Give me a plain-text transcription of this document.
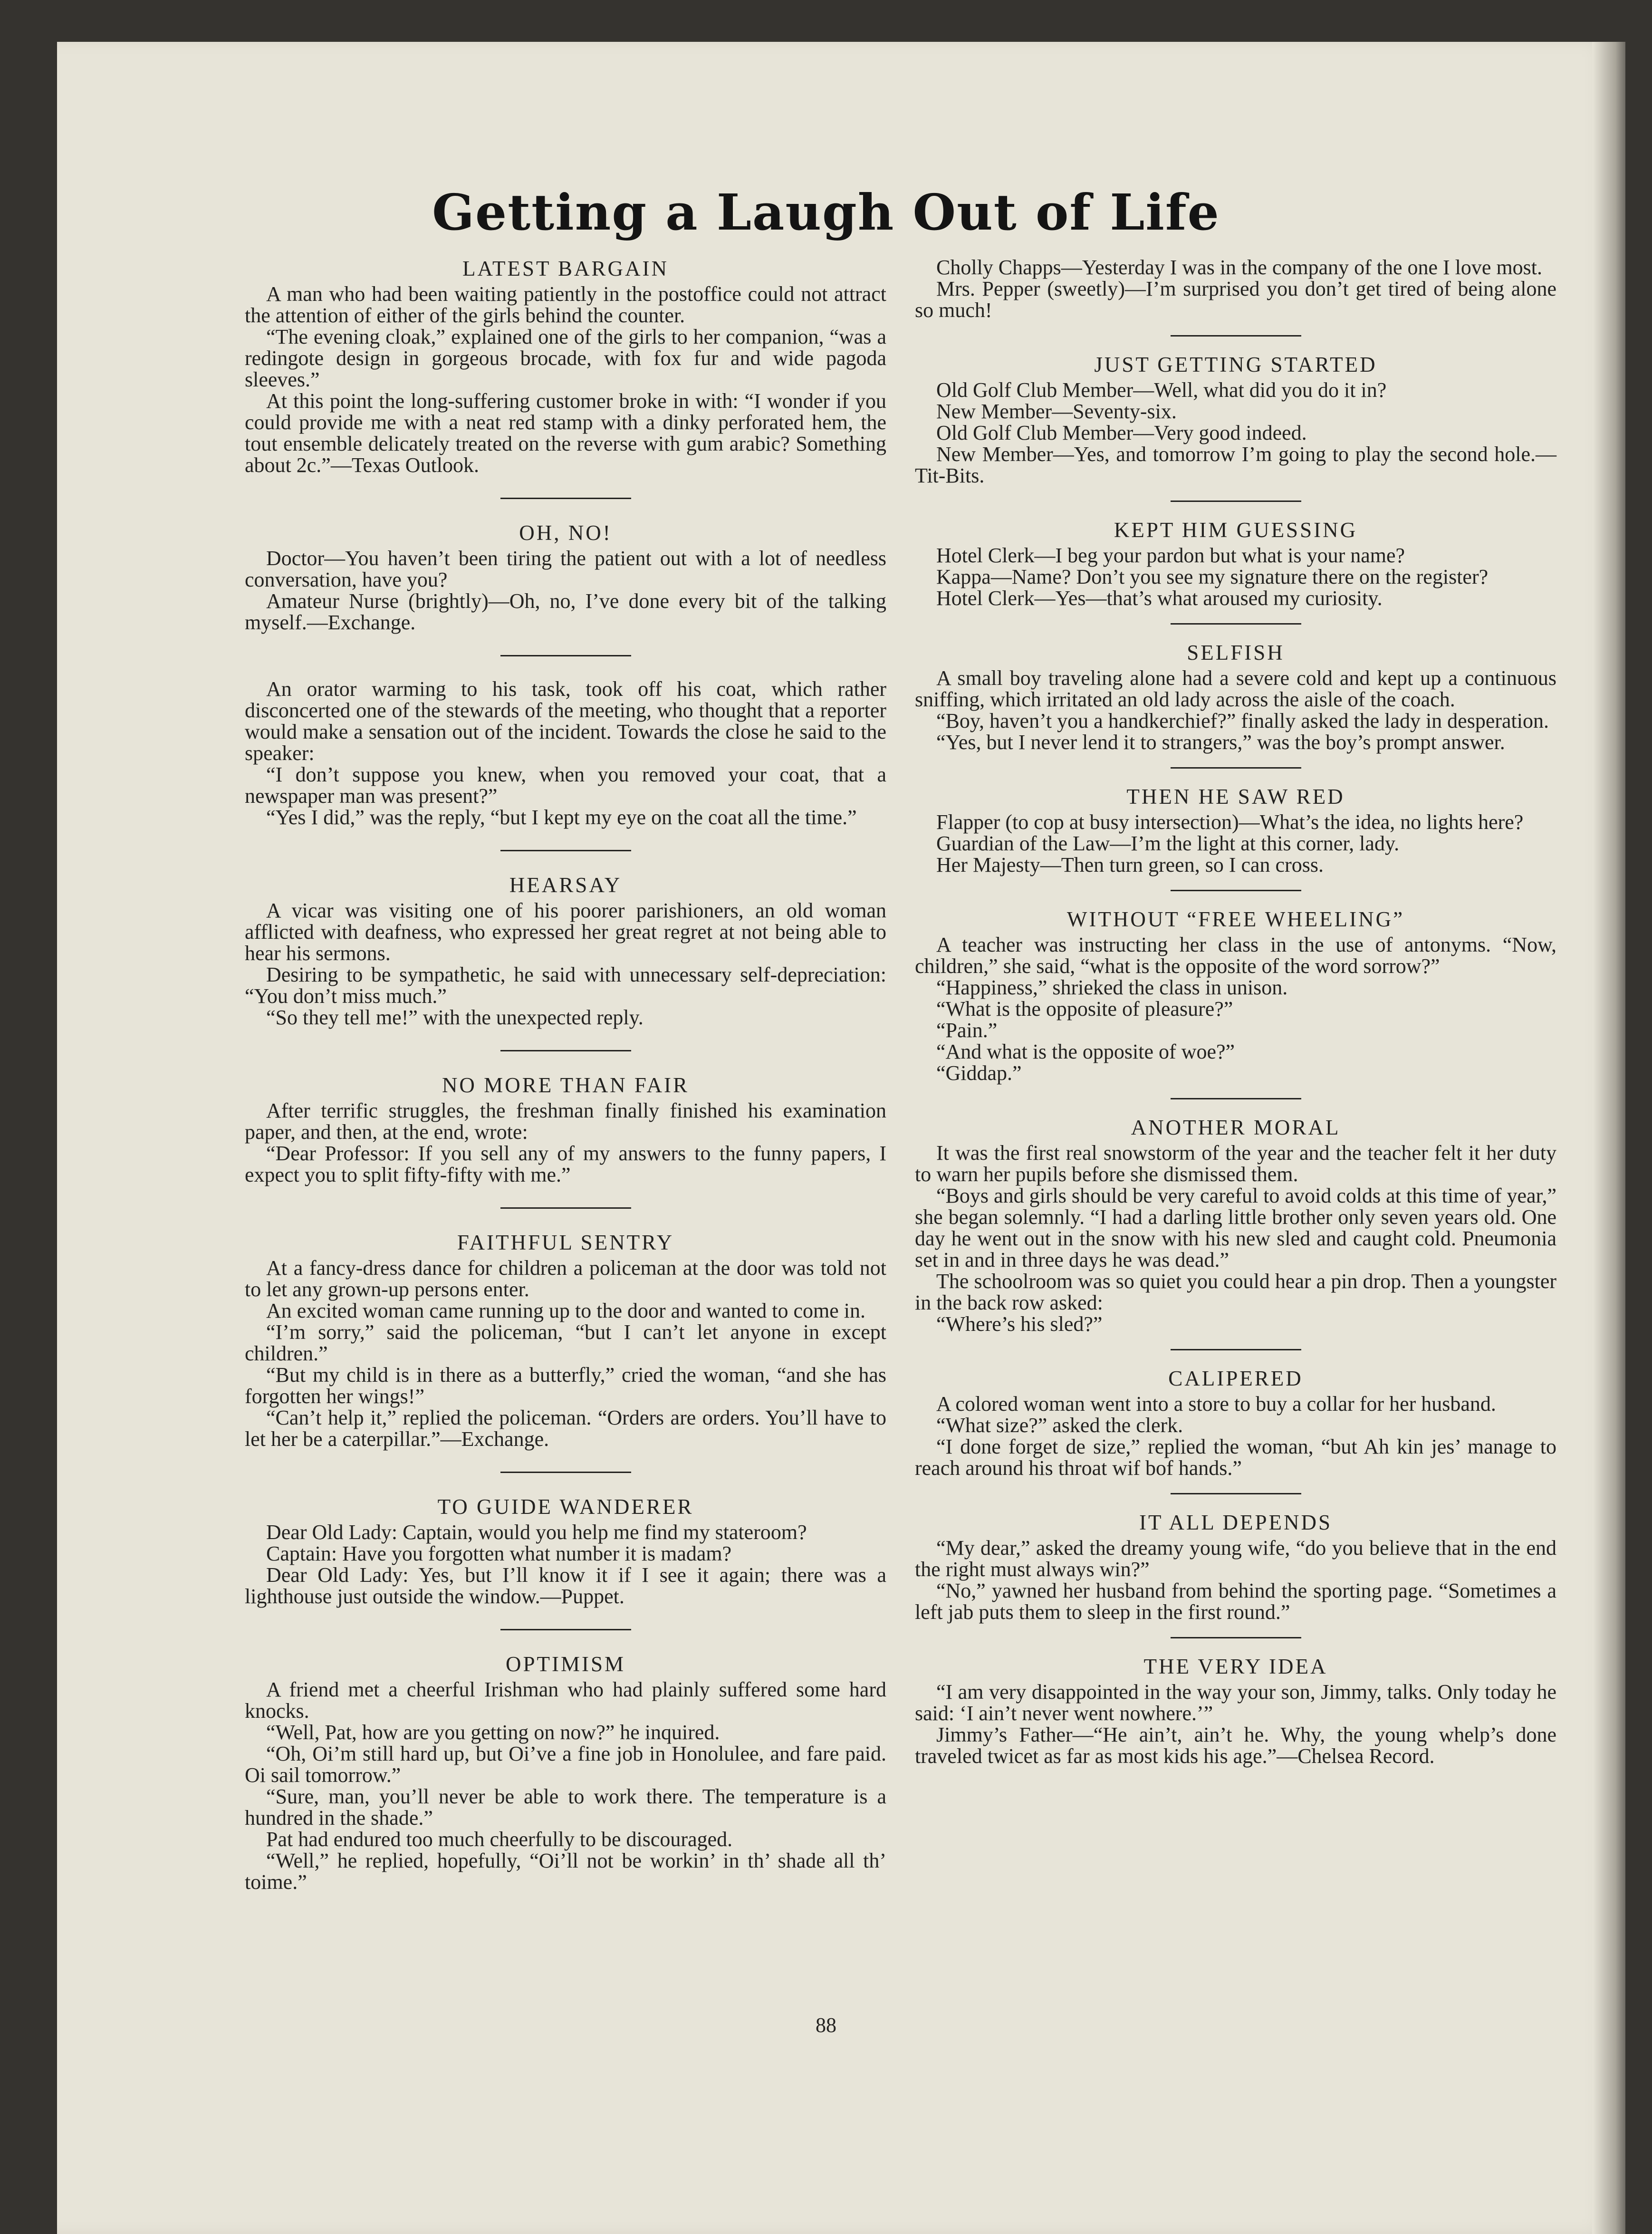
Getting a Laugh Out of Life
LATEST BARGAIN

A man who had been waiting patiently in the postoffice could not attract the attention of either of the girls behind the counter.

“The evening cloak,” explained one of the girls to her companion, “was a redingote design in gorgeous brocade, with fox fur and wide pagoda sleeves.”

At this point the long-suffering customer broke in with: “I wonder if you could provide me with a neat red stamp with a dinky perforated hem, the tout ensemble delicately treated on the reverse with gum arabic? Something about 2c.”—Texas Outlook.

OH, NO!

Doctor—You haven’t been tiring the patient out with a lot of needless conversation, have you?

Amateur Nurse (brightly)—Oh, no, I’ve done every bit of the talking myself.—Exchange.

An orator warming to his task, took off his coat, which rather disconcerted one of the stewards of the meeting, who thought that a reporter would make a sensation out of the incident. Towards the close he said to the speaker:

“I don’t suppose you knew, when you removed your coat, that a newspaper man was present?”

“Yes I did,” was the reply, “but I kept my eye on the coat all the time.”

HEARSAY

A vicar was visiting one of his poorer parishioners, an old woman afflicted with deafness, who expressed her great regret at not being able to hear his sermons.

Desiring to be sympathetic, he said with unnecessary self-depreciation: “You don’t miss much.”

“So they tell me!” with the unexpected reply.

NO MORE THAN FAIR

After terrific struggles, the freshman finally finished his examination paper, and then, at the end, wrote:

“Dear Professor: If you sell any of my answers to the funny papers, I expect you to split fifty-fifty with me.”

FAITHFUL SENTRY

At a fancy-dress dance for children a policeman at the door was told not to let any grown-up persons enter.

An excited woman came running up to the door and wanted to come in.

“I’m sorry,” said the policeman, “but I can’t let anyone in except children.”

“But my child is in there as a butterfly,” cried the woman, “and she has forgotten her wings!”

“Can’t help it,” replied the policeman. “Orders are orders. You’ll have to let her be a caterpillar.”—Exchange.

TO GUIDE WANDERER

Dear Old Lady: Captain, would you help me find my stateroom?

Captain: Have you forgotten what number it is madam?

Dear Old Lady: Yes, but I’ll know it if I see it again; there was a lighthouse just outside the window.—Puppet.

OPTIMISM

A friend met a cheerful Irishman who had plainly suffered some hard knocks.

“Well, Pat, how are you getting on now?” he inquired.

“Oh, Oi’m still hard up, but Oi’ve a fine job in Honolulee, and fare paid. Oi sail tomorrow.”

“Sure, man, you’ll never be able to work there. The temperature is a hundred in the shade.”

Pat had endured too much cheerfully to be discouraged.

“Well,” he replied, hopefully, “Oi’ll not be workin’ in th’ shade all th’ toime.”

Cholly Chapps—Yesterday I was in the company of the one I love most.

Mrs. Pepper (sweetly)—I’m surprised you don’t get tired of being alone so much!

JUST GETTING STARTED

Old Golf Club Member—Well, what did you do it in?

New Member—Seventy-six.

Old Golf Club Member—Very good indeed.

New Member—Yes, and tomorrow I’m going to play the second hole.—Tit-Bits.

KEPT HIM GUESSING

Hotel Clerk—I beg your pardon but what is your name?

Kappa—Name? Don’t you see my signature there on the register?

Hotel Clerk—Yes—that’s what aroused my curiosity.

SELFISH

A small boy traveling alone had a severe cold and kept up a continuous sniffing, which irritated an old lady across the aisle of the coach.

“Boy, haven’t you a handkerchief?” finally asked the lady in desperation.

“Yes, but I never lend it to strangers,” was the boy’s prompt answer.

THEN HE SAW RED

Flapper (to cop at busy intersection)—What’s the idea, no lights here?

Guardian of the Law—I’m the light at this corner, lady.

Her Majesty—Then turn green, so I can cross.

WITHOUT “FREE WHEELING”

A teacher was instructing her class in the use of antonyms. “Now, children,” she said, “what is the opposite of the word sorrow?”

“Happiness,” shrieked the class in unison.

“What is the opposite of pleasure?”

“Pain.”

“And what is the opposite of woe?”

“Giddap.”

ANOTHER MORAL

It was the first real snowstorm of the year and the teacher felt it her duty to warn her pupils before she dismissed them.

“Boys and girls should be very careful to avoid colds at this time of year,” she began solemnly. “I had a darling little brother only seven years old. One day he went out in the snow with his new sled and caught cold. Pneumonia set in and in three days he was dead.”

The schoolroom was so quiet you could hear a pin drop. Then a youngster in the back row asked:

“Where’s his sled?”

CALIPERED

A colored woman went into a store to buy a collar for her husband.

“What size?” asked the clerk.

“I done forget de size,” replied the woman, “but Ah kin jes’ manage to reach around his throat wif bof hands.”

IT ALL DEPENDS

“My dear,” asked the dreamy young wife, “do you believe that in the end the right must always win?”

“No,” yawned her husband from behind the sporting page. “Sometimes a left jab puts them to sleep in the first round.”

THE VERY IDEA

“I am very disappointed in the way your son, Jimmy, talks. Only today he said: ‘I ain’t never went nowhere.’”

Jimmy’s Father—“He ain’t, ain’t he. Why, the young whelp’s done traveled twicet as far as most kids his age.”—Chelsea Record.

88
